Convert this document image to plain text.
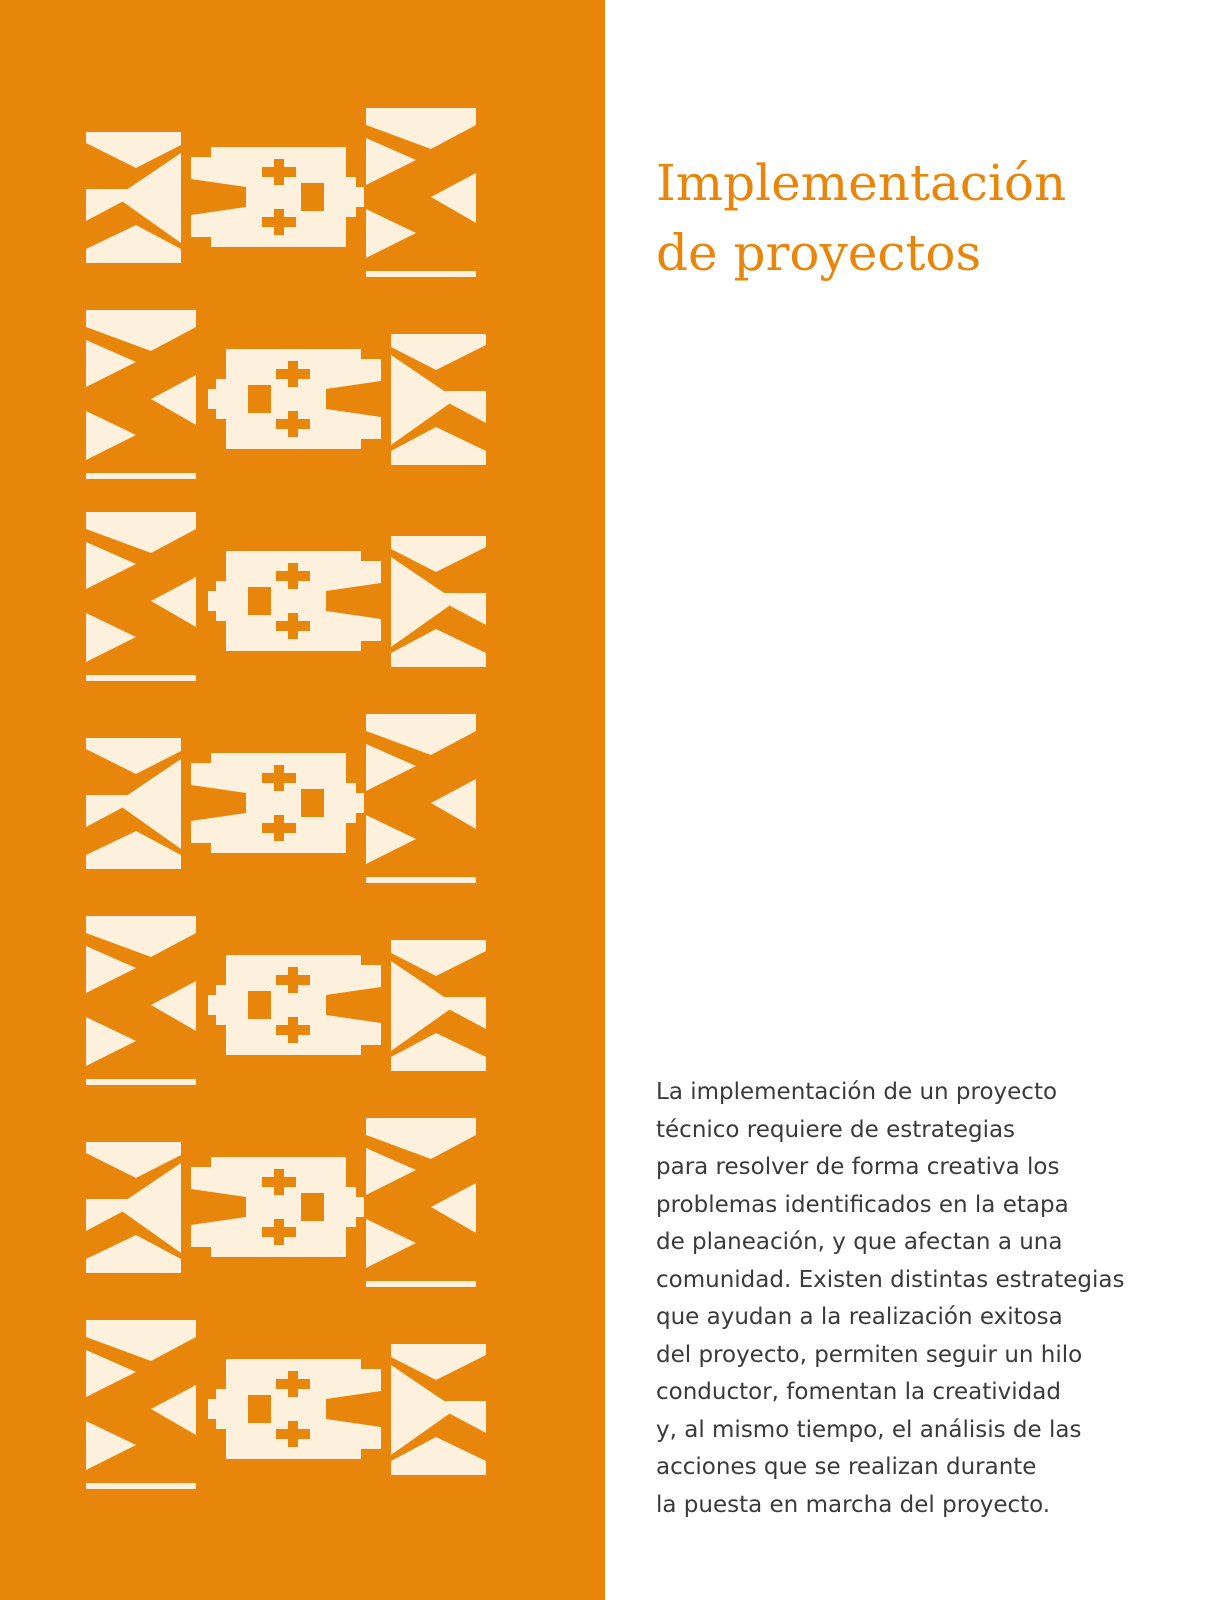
Implementación
de proyectos

La implementación de un proyecto
técnico requiere de estrategias
para resolver de forma creativa los
problemas identificados en la etapa
de planeación, y que afectan a una
comunidad. Existen distintas estrategias
que ayudan a la realización exitosa
del proyecto, permiten seguir un hilo
conductor, fomentan la creatividad
y, al mismo tiempo, el análisis de las
acciones que se realizan durante
la puesta en marcha del proyecto.
